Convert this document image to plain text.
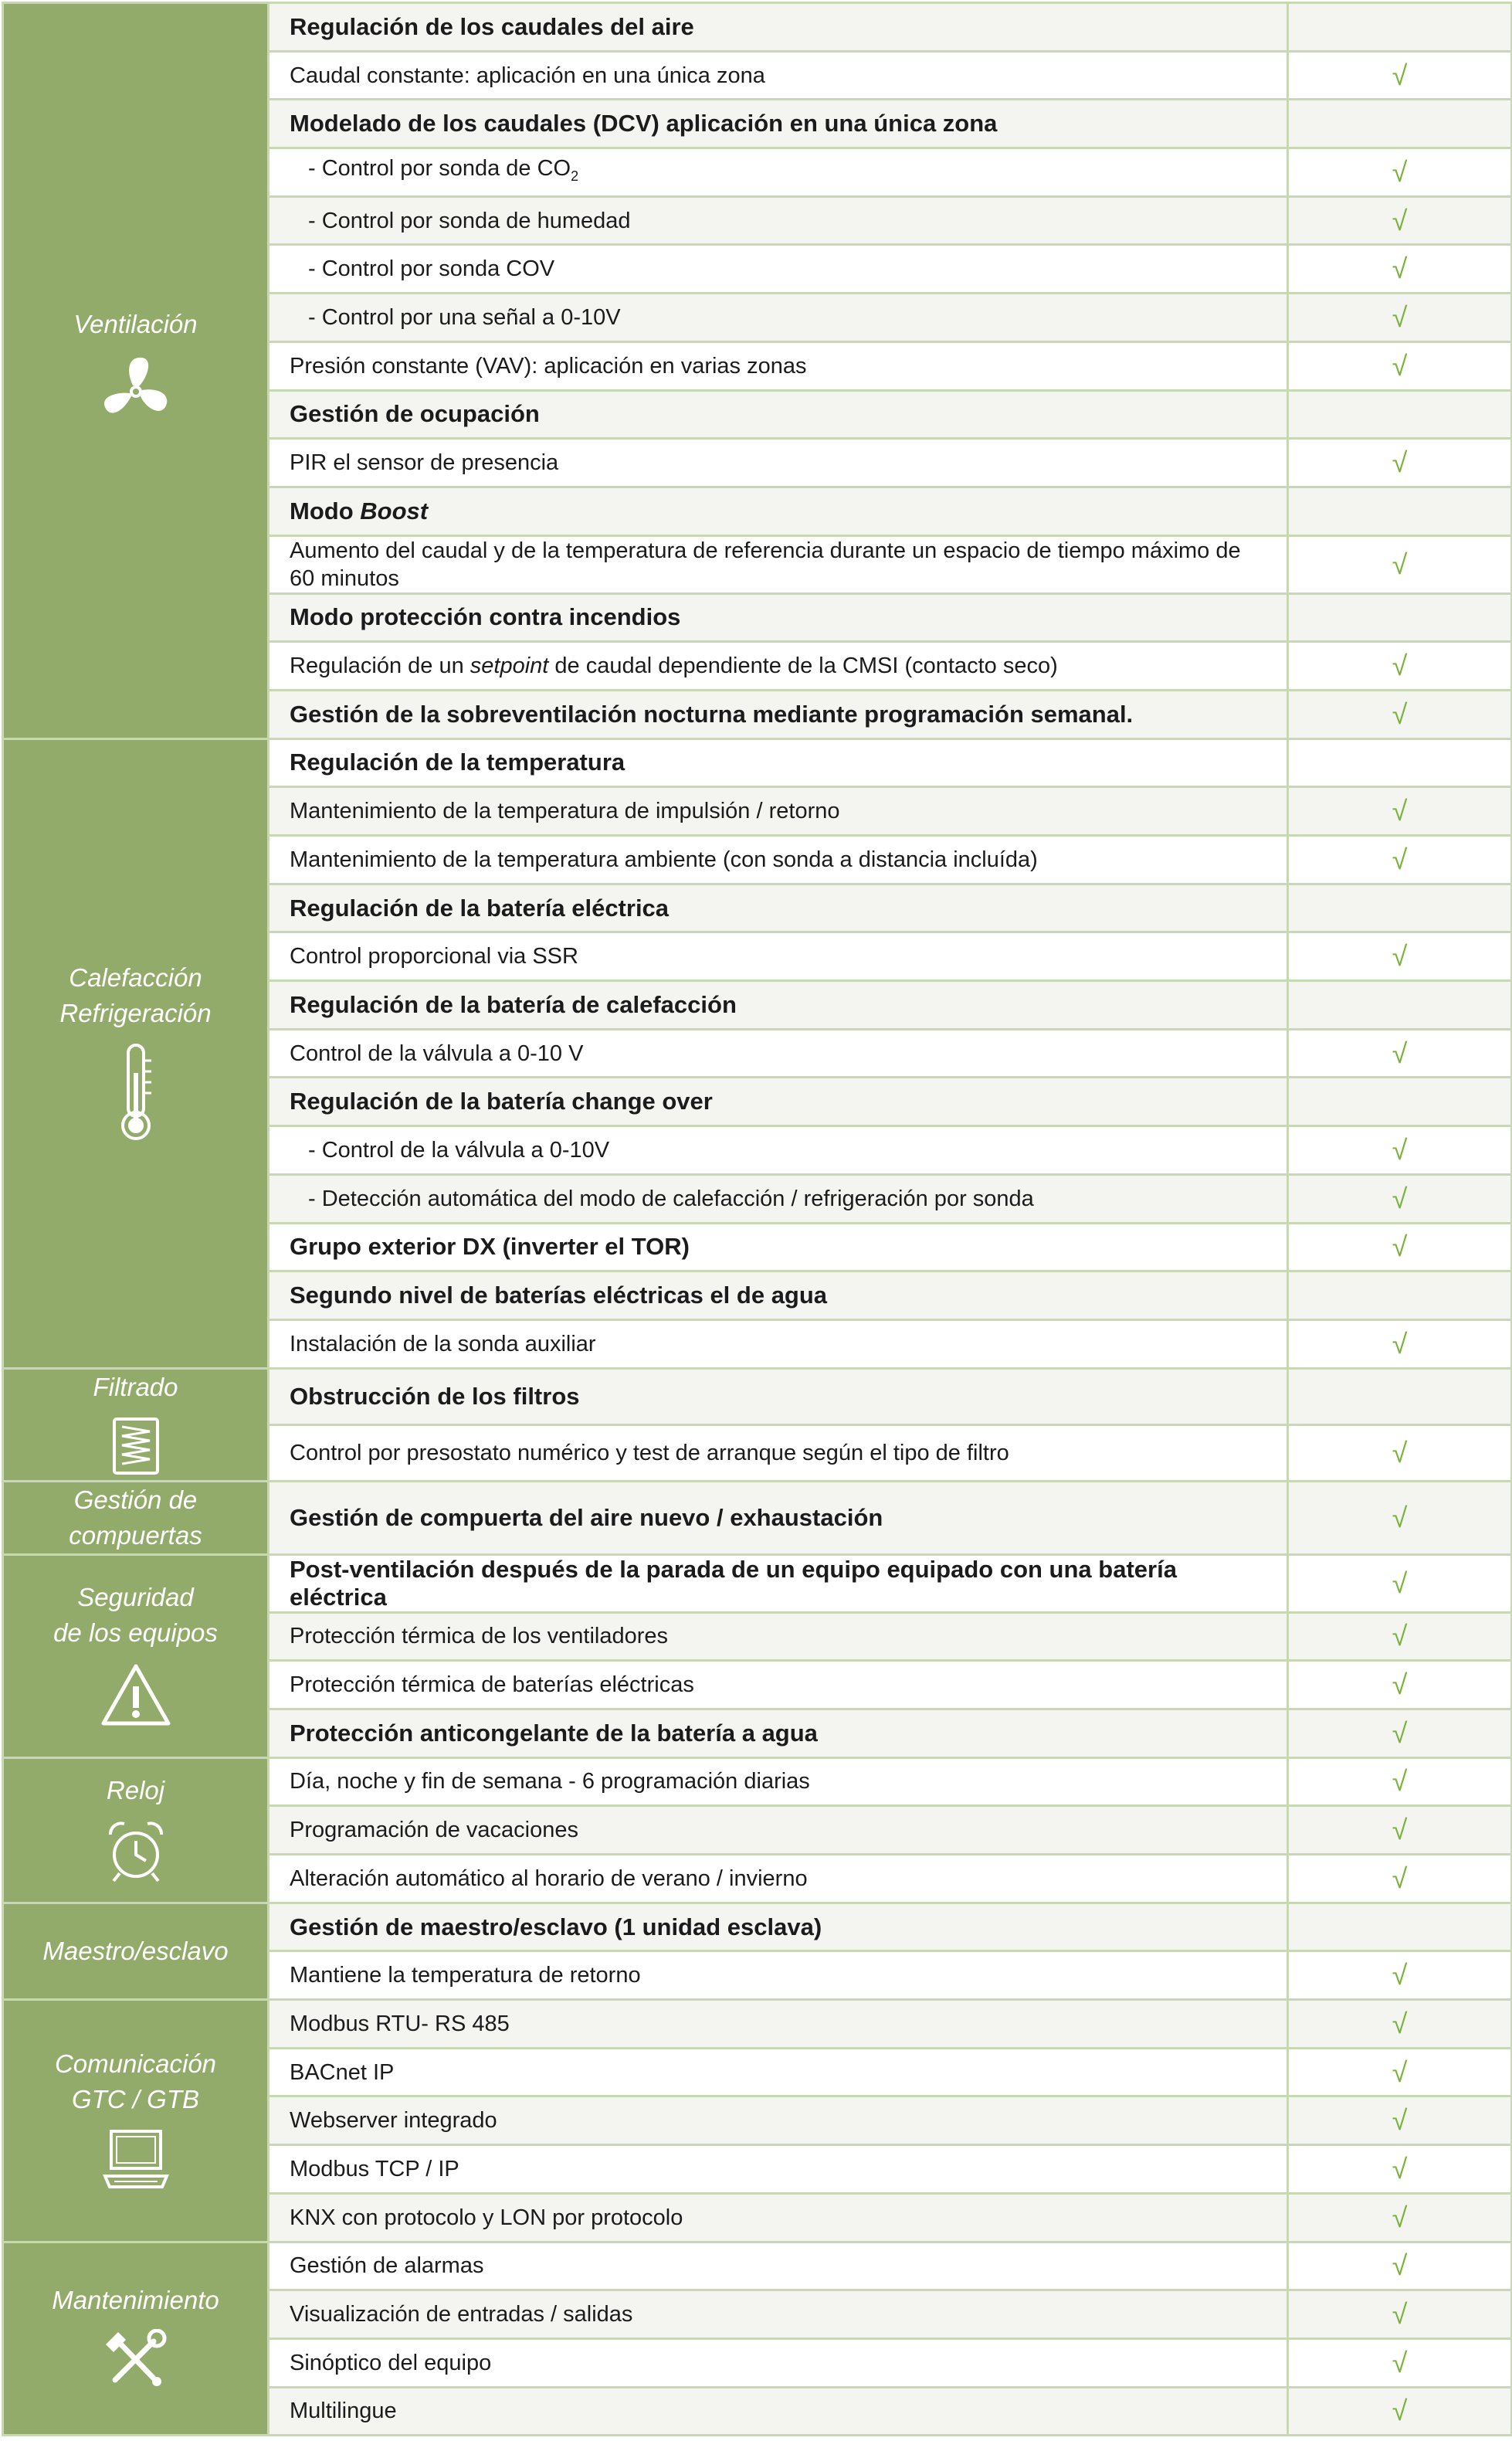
Ventilación	Regulación de los caudales del aire	
	Caudal constante: aplicación en una única zona	√
	Modelado de los caudales (DCV) aplicación en una única zona	
	- Control por sonda de $CO_2$	√
	- Control por sonda de humedad	√
	- Control por sonda COV	√
	- Control por una señal a 0-10V	√
	Presión constante (VAV): aplicación en varias zonas	√
	Gestión de ocupación	
	PIR el sensor de presencia	√
	Modo Boost	
	Aumento del caudal y de la temperatura de referencia durante un espacio de tiempo máximo de 60 minutos	√
	Modo protección contra incendios	
	Regulación de un setpoint de caudal dependiente de la CMSI (contacto seco)	√
	Gestión de la sobreventilación nocturna mediante programación semanal.	√

Calefacción
Refrigeración	Regulación de la temperatura	
	Mantenimiento de la temperatura de impulsión / retorno	√
	Mantenimiento de la temperatura ambiente (con sonda a distancia incluída)	√
	Regulación de la batería eléctrica	
	Control proporcional via SSR	√
	Regulación de la batería de calefacción	
	Control de la válvula a 0-10 V	√
	Regulación de la batería change over	
	- Control de la válvula a 0-10V	√
	- Detección automática del modo de calefacción / refrigeración por sonda	√
	Grupo exterior DX (inverter el TOR)	√
	Segundo nivel de baterías eléctricas el de agua	
	Instalación de la sonda auxiliar	√

Filtrado	Obstrucción de los filtros	
	Control por presostato numérico y test de arranque según el tipo de filtro	√

Gestión de
compuertas	Gestión de compuerta del aire nuevo / exhaustación	√

Seguridad
de los equipos	Post-ventilación después de la parada de un equipo equipado con una batería eléctrica	√
	Protección térmica de los ventiladores	√
	Protección térmica de baterías eléctricas	√
	Protección anticongelante de la batería a agua	√

Reloj	Día, noche y fin de semana - 6 programación diarias	√
	Programación de vacaciones	√
	Alteración automático al horario de verano / invierno	√

Maestro/esclavo	Gestión de maestro/esclavo (1 unidad esclava)	
	Mantiene la temperatura de retorno	√

Comunicación
GTC / GTB	Modbus RTU- RS 485	√
	BACnet IP	√
	Webserver integrado	√
	Modbus TCP / IP	√
	KNX con protocolo y LON por protocolo	√

Mantenimiento	Gestión de alarmas	√
	Visualización de entradas / salidas	√
	Sinóptico del equipo	√
	Multilingue	√
